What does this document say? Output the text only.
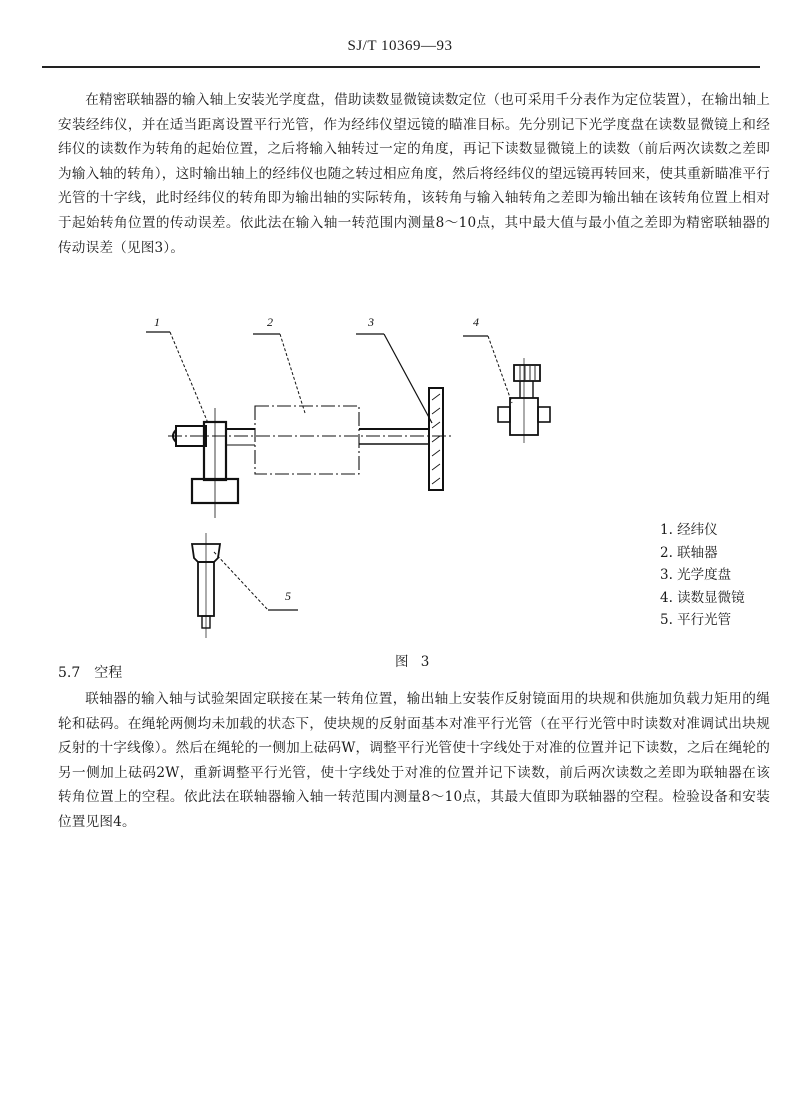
SJ/T 10369—93

在精密联轴器的输入轴上安装光学度盘，借助读数显微镜读数定位（也可采用千分表作为定位装置），在输出轴上安装经纬仪，并在适当距离设置平行光管，作为经纬仪望远镜的瞄准目标。先分别记下光学度盘在读数显微镜上和经纬仪的读数作为转角的起始位置，之后将输入轴转过一定的角度，再记下读数显微镜上的读数（前后两次读数之差即为输入轴的转角），这时输出轴上的经纬仪也随之转过相应角度，然后将经纬仪的望远镜再转回来，使其重新瞄准平行光管的十字线，此时经纬仪的转角即为输出轴的实际转角，该转角与输入轴转角之差即为输出轴在该转角位置上相对于起始转角位置的传动误差。依此法在输入轴一转范围内测量8～10点，其中最大值与最小值之差即为精密联轴器的传动误差（见图3）。

1	2	3	4
5
1. 经纬仪
2. 联轴器
3. 光学度盘
4. 读数显微镜
5. 平行光管
图 3
5.7 空程

联轴器的输入轴与试验架固定联接在某一转角位置，输出轴上安装作反射镜面用的块规和供施加负载力矩用的绳轮和砝码。在绳轮两侧均未加载的状态下，使块规的反射面基本对准平行光管（在平行光管中时读数对准调试出块规反射的十字线像）。然后在绳轮的一侧加上砝码W，调整平行光管使十字线处于对准的位置并记下读数，之后在绳轮的另一侧加上砝码2W，重新调整平行光管，使十字线处于对准的位置并记下读数，前后两次读数之差即为联轴器在该转角位置上的空程。依此法在联轴器输入轴一转范围内测量8～10点，其最大值即为联轴器的空程。检验设备和安装位置见图4。
